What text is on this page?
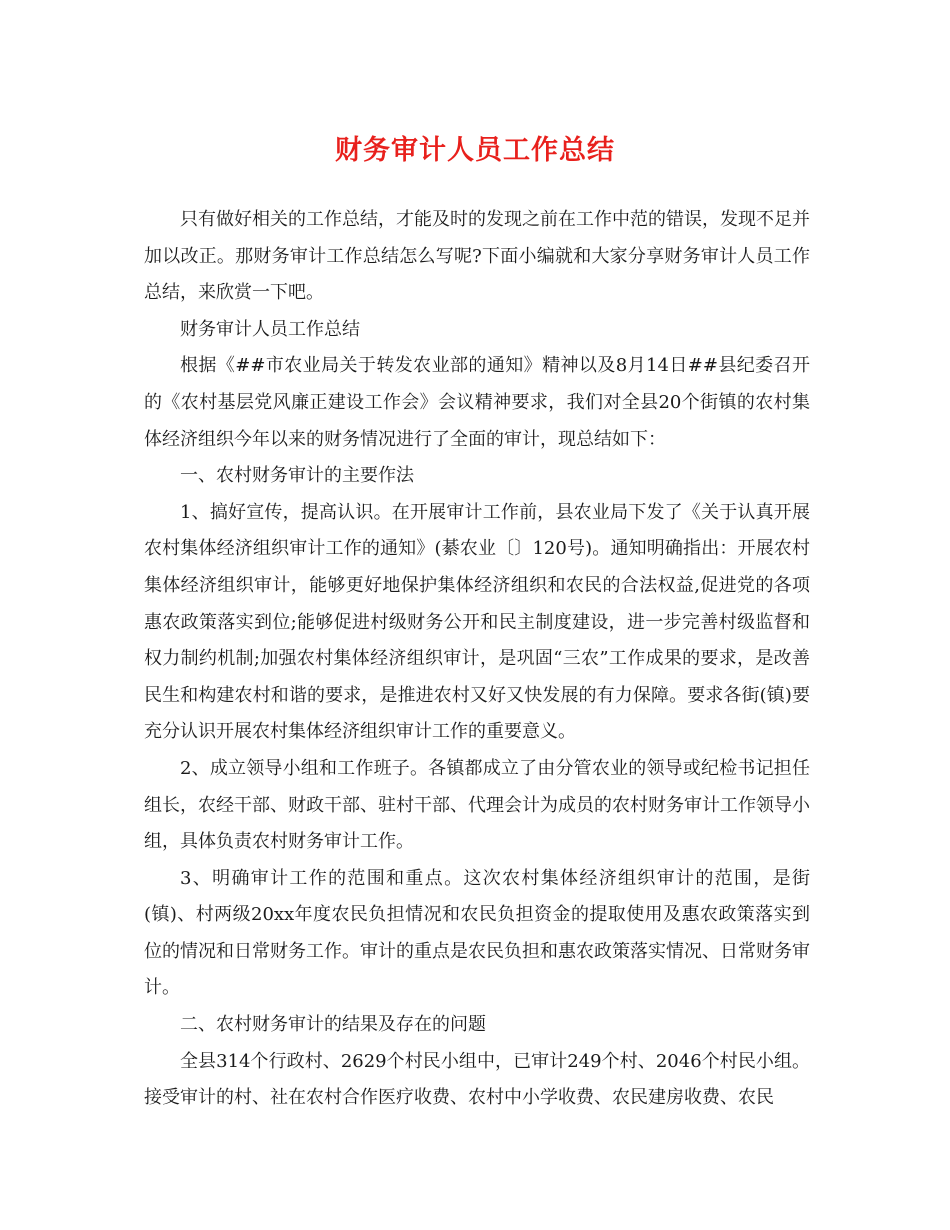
财务审计人员工作总结

只有做好相关的工作总结，才能及时的发现之前在工作中范的错误，发现不足并加以改正。那财务审计工作总结怎么写呢?下面小编就和大家分享财务审计人员工作总结，来欣赏一下吧。

财务审计人员工作总结

根据《##市农业局关于转发农业部的通知》精神以及8月14日##县纪委召开的《农村基层党风廉正建设工作会》会议精神要求，我们对全县20个街镇的农村集体经济组织今年以来的财务情况进行了全面的审计，现总结如下：

一、农村财务审计的主要作法

1、搞好宣传，提高认识。在开展审计工作前，县农业局下发了《关于认真开展农村集体经济组织审计工作的通知》(綦农业〔〕120号)。通知明确指出：开展农村集体经济组织审计，能够更好地保护集体经济组织和农民的合法权益,促进党的各项惠农政策落实到位;能够促进村级财务公开和民主制度建设，进一步完善村级监督和权力制约机制;加强农村集体经济组织审计，是巩固“三农”工作成果的要求，是改善民生和构建农村和谐的要求，是推进农村又好又快发展的有力保障。要求各街(镇)要充分认识开展农村集体经济组织审计工作的重要意义。

2、成立领导小组和工作班子。各镇都成立了由分管农业的领导或纪检书记担任组长，农经干部、财政干部、驻村干部、代理会计为成员的农村财务审计工作领导小组，具体负责农村财务审计工作。

3、明确审计工作的范围和重点。这次农村集体经济组织审计的范围，是街(镇)、村两级20xx年度农民负担情况和农民负担资金的提取使用及惠农政策落实到位的情况和日常财务工作。审计的重点是农民负担和惠农政策落实情况、日常财务审计。

二、农村财务审计的结果及存在的问题

全县314个行政村、2629个村民小组中，已审计249个村、2046个村民小组。接受审计的村、社在农村合作医疗收费、农村中小学收费、农民建房收费、农民
